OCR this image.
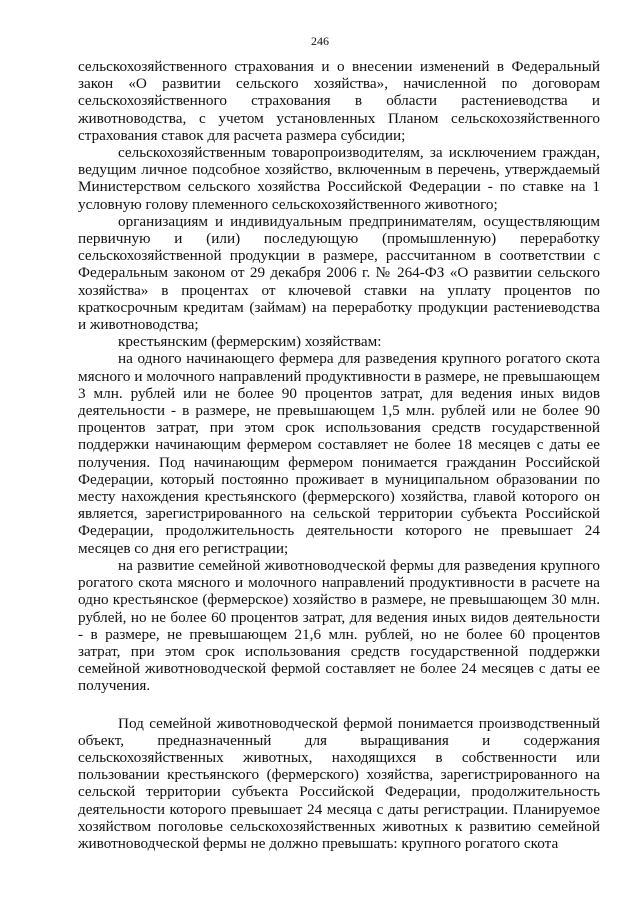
246

сельскохозяйственного страхования и о внесении изменений в Федеральный закон «О развитии сельского хозяйства», начисленной по договорам сельскохозяйственного страхования в области растениеводства и животноводства, с учетом установленных Планом сельскохозяйственного страхования ставок для расчета размера субсидии;

сельскохозяйственным товаропроизводителям, за исключением граждан, ведущим личное подсобное хозяйство, включенным в перечень, утверждаемый Министерством сельского хозяйства Российской Федерации - по ставке на 1 условную голову племенного сельскохозяйственного животного;

организациям и индивидуальным предпринимателям, осуществляющим первичную и (или) последующую (промышленную) переработку сельскохозяйственной продукции в размере, рассчитанном в соответствии с Федеральным законом от 29 декабря 2006 г. № 264-ФЗ «О развитии сельского хозяйства» в процентах от ключевой ставки на уплату процентов по краткосрочным кредитам (займам) на переработку продукции растениеводства и животноводства;

крестьянским (фермерским) хозяйствам:

на одного начинающего фермера для разведения крупного рогатого скота мясного и молочного направлений продуктивности в размере, не превышающем 3 млн. рублей или не более 90 процентов затрат, для ведения иных видов деятельности - в размере, не превышающем 1,5 млн. рублей или не более 90 процентов затрат, при этом срок использования средств государственной поддержки начинающим фермером составляет не более 18 месяцев с даты ее получения. Под начинающим фермером понимается гражданин Российской Федерации, который постоянно проживает в муниципальном образовании по месту нахождения крестьянского (фермерского) хозяйства, главой которого он является, зарегистрированного на сельской территории субъекта Российской Федерации, продолжительность деятельности которого не превышает 24 месяцев со дня его регистрации;

на развитие семейной животноводческой фермы для разведения крупного рогатого скота мясного и молочного направлений продуктивности в расчете на одно крестьянское (фермерское) хозяйство в размере, не превышающем 30 млн. рублей, но не более 60 процентов затрат, для ведения иных видов деятельности - в размере, не превышающем 21,6 млн. рублей, но не более 60 процентов затрат, при этом срок использования средств государственной поддержки семейной животноводческой фермой составляет не более 24 месяцев с даты ее получения.

Под семейной животноводческой фермой понимается производственный объект, предназначенный для выращивания и содержания сельскохозяйственных животных, находящихся в собственности или пользовании крестьянского (фермерского) хозяйства, зарегистрированного на сельской территории субъекта Российской Федерации, продолжительность деятельности которого превышает 24 месяца с даты регистрации. Планируемое хозяйством поголовье сельскохозяйственных животных к развитию семейной животноводческой фермы не должно превышать: крупного рогатого скота
